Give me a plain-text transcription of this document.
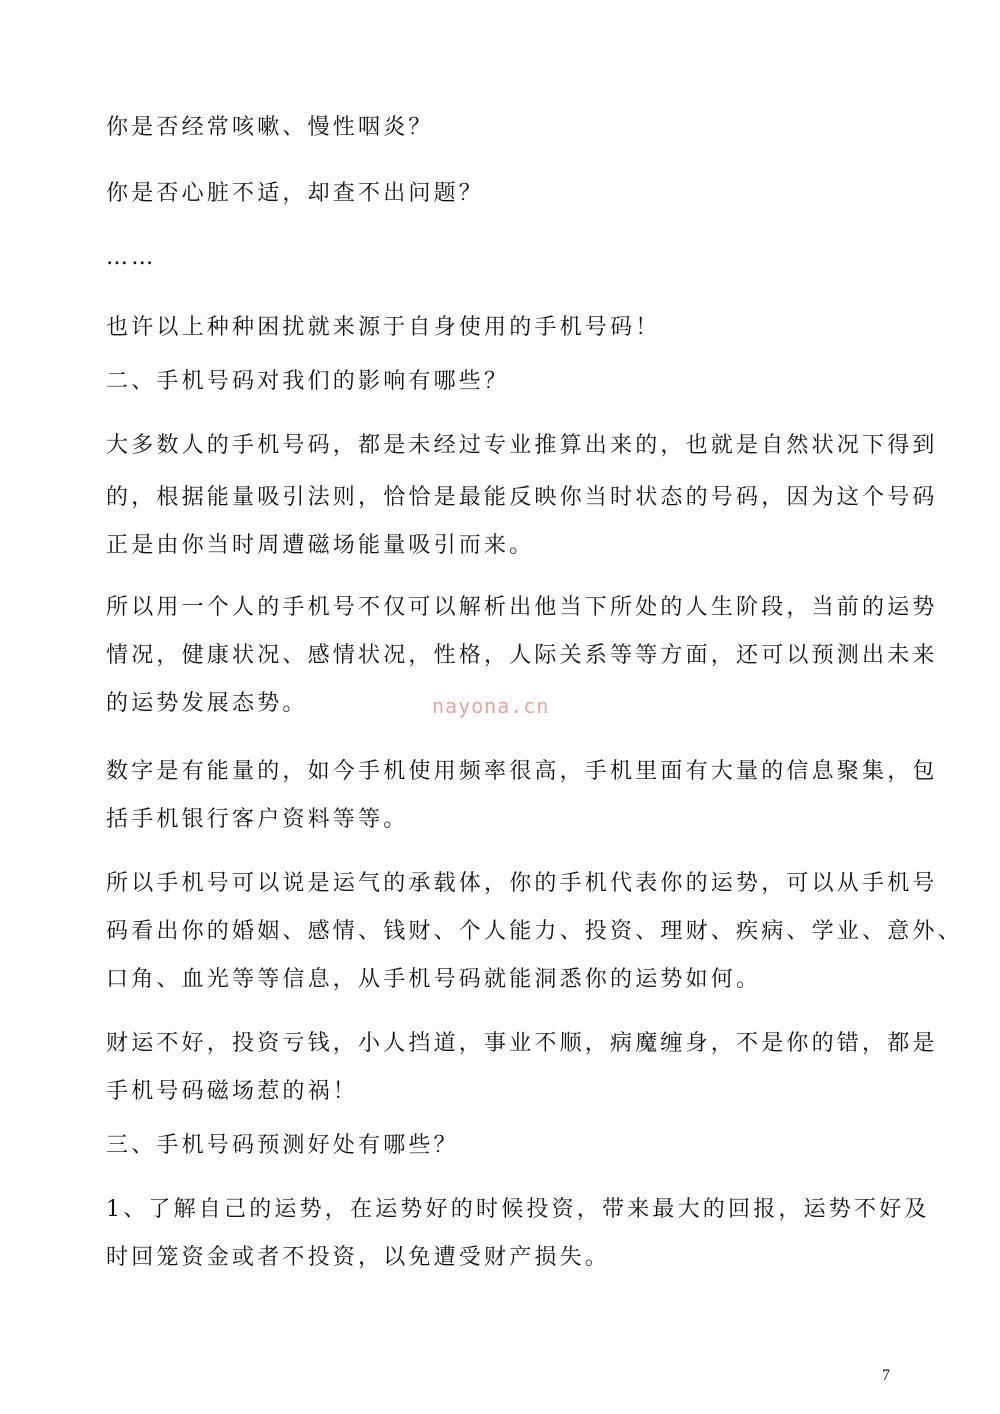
你是否经常咳嗽、慢性咽炎？
你是否心脏不适，却查不出问题？
……
也许以上种种困扰就来源于自身使用的手机号码！
二、手机号码对我们的影响有哪些？
大多数人的手机号码，都是未经过专业推算出来的，也就是自然状况下得到
的，根据能量吸引法则，恰恰是最能反映你当时状态的号码，因为这个号码
正是由你当时周遭磁场能量吸引而来。
所以用一个人的手机号不仅可以解析出他当下所处的人生阶段，当前的运势
情况，健康状况、感情状况，性格，人际关系等等方面，还可以预测出未来
的运势发展态势。	nayona.cn
数字是有能量的，如今手机使用频率很高，手机里面有大量的信息聚集，包
括手机银行客户资料等等。
所以手机号可以说是运气的承载体，你的手机代表你的运势，可以从手机号
码看出你的婚姻、感情、钱财、个人能力、投资、理财、疾病、学业、意外、
口角、血光等等信息，从手机号码就能洞悉你的运势如何。
财运不好，投资亏钱，小人挡道，事业不顺，病魔缠身，不是你的错，都是
手机号码磁场惹的祸！
三、手机号码预测好处有哪些？
1、了解自己的运势，在运势好的时候投资，带来最大的回报，运势不好及
时回笼资金或者不投资，以免遭受财产损失。
7
